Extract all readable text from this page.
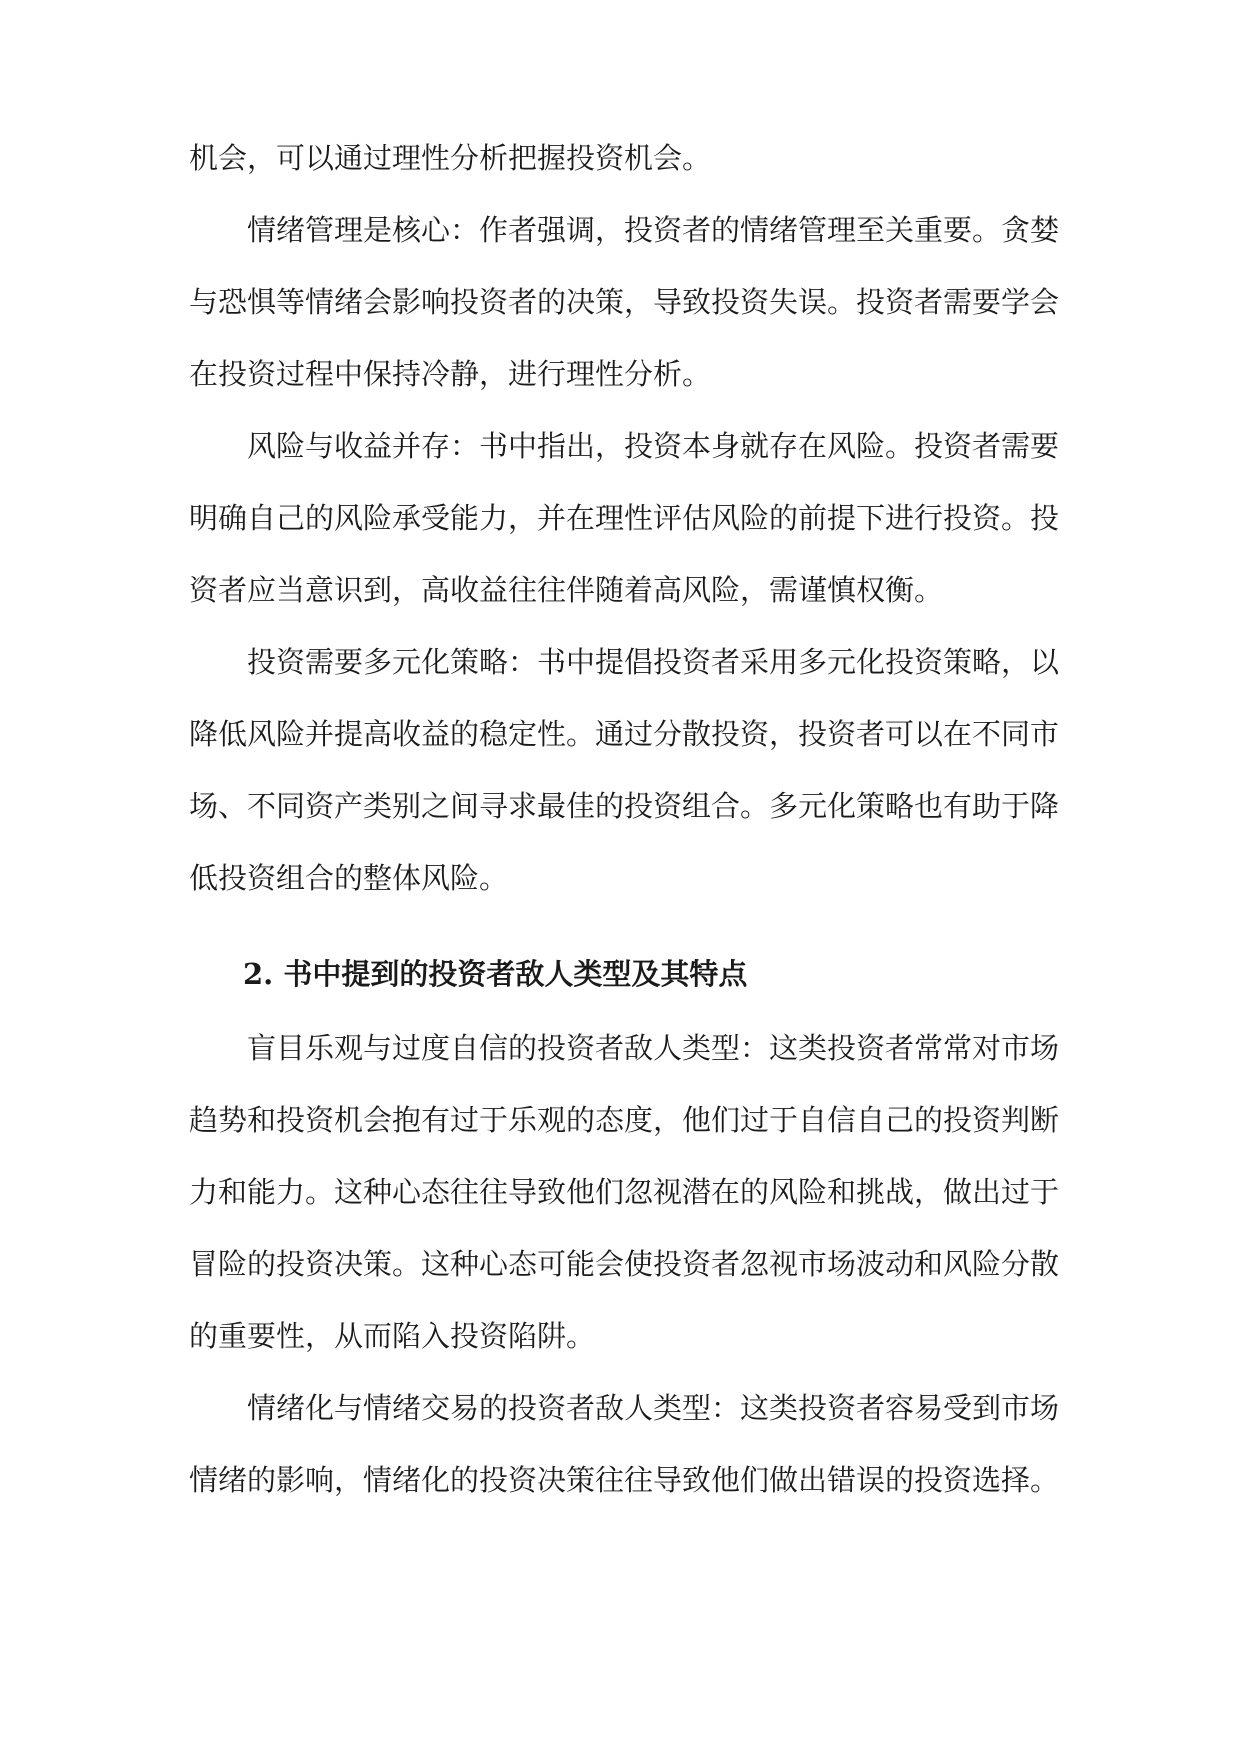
机会，可以通过理性分析把握投资机会。
情绪管理是核心：作者强调，投资者的情绪管理至关重要。贪婪
与恐惧等情绪会影响投资者的决策，导致投资失误。投资者需要学会
在投资过程中保持冷静，进行理性分析。
风险与收益并存：书中指出，投资本身就存在风险。投资者需要
明确自己的风险承受能力，并在理性评估风险的前提下进行投资。投
资者应当意识到，高收益往往伴随着高风险，需谨慎权衡。
投资需要多元化策略：书中提倡投资者采用多元化投资策略，以
降低风险并提高收益的稳定性。通过分散投资，投资者可以在不同市
场、不同资产类别之间寻求最佳的投资组合。多元化策略也有助于降
低投资组合的整体风险。
2. 书中提到的投资者敌人类型及其特点
盲目乐观与过度自信的投资者敌人类型：这类投资者常常对市场
趋势和投资机会抱有过于乐观的态度，他们过于自信自己的投资判断
力和能力。这种心态往往导致他们忽视潜在的风险和挑战，做出过于
冒险的投资决策。这种心态可能会使投资者忽视市场波动和风险分散
的重要性，从而陷入投资陷阱。
情绪化与情绪交易的投资者敌人类型：这类投资者容易受到市场
情绪的影响，情绪化的投资决策往往导致他们做出错误的投资选择。
